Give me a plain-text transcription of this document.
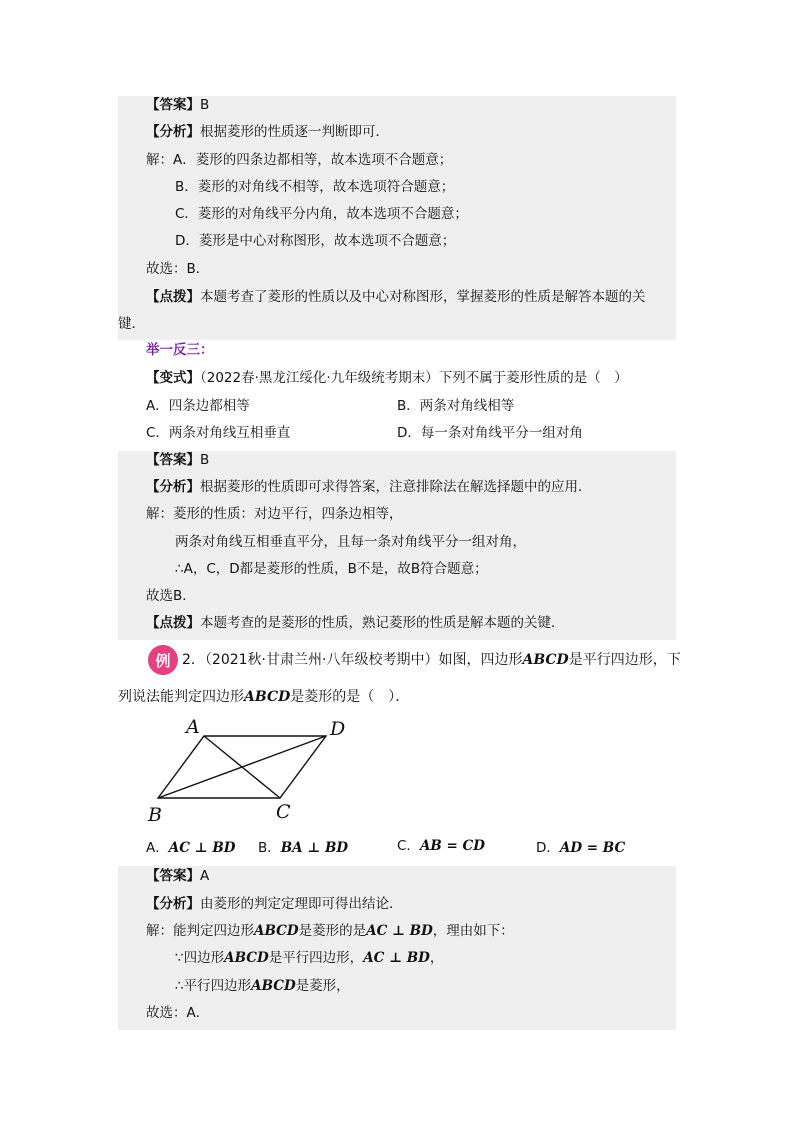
【答案】B
【分析】根据菱形的性质逐一判断即可．
解：A．菱形的四条边都相等，故本选项不合题意；
B．菱形的对角线不相等，故本选项符合题意；
C．菱形的对角线平分内角，故本选项不合题意；
D．菱形是中心对称图形，故本选项不合题意；
故选：B．
【点拨】本题考查了菱形的性质以及中心对称图形，掌握菱形的性质是解答本题的关
键．
举一反三：
【变式】（2022春·黑龙江绥化·九年级统考期末）下列不属于菱形性质的是（　）
A．四条边都相等	B．两条对角线相等
C．两条对角线互相垂直	D．每一条对角线平分一组对角
【答案】B
【分析】根据菱形的性质即可求得答案，注意排除法在解选择题中的应用．
解：菱形的性质：对边平行，四条边相等，
两条对角线互相垂直平分，且每一条对角线平分一组对角，
∴A，C，D都是菱形的性质，B不是，故B符合题意；
故选B．
【点拨】本题考查的是菱形的性质，熟记菱形的性质是解本题的关键．
例 2．（2021秋·甘肃兰州·八年级校考期中）如图，四边形ABCD是平行四边形，下
列说法能判定四边形ABCD是菱形的是（　）．
A	D
B	C
A．AC ⊥ BD B．BA ⊥ BD	C．AB = CD	D．AD = BC
【答案】A
【分析】由菱形的判定定理即可得出结论．
解：能判定四边形ABCD是菱形的是AC ⊥ BD，理由如下：
∵四边形ABCD是平行四边形，AC ⊥ BD，
∴平行四边形ABCD是菱形，
故选：A．
